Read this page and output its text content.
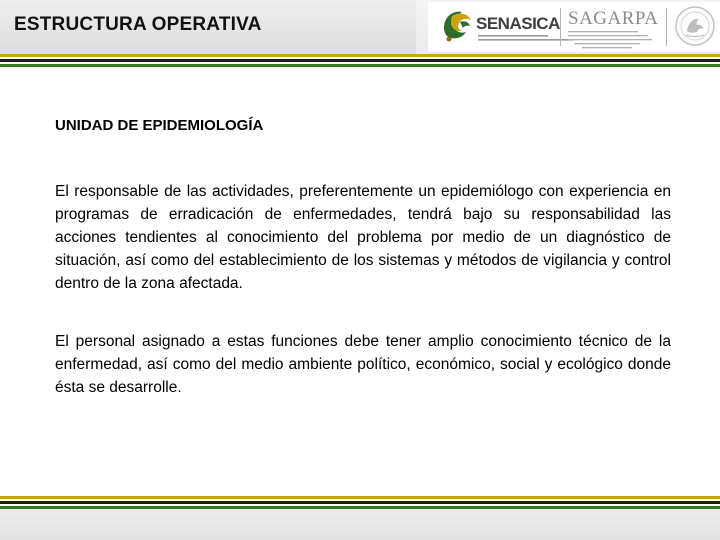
ESTRUCTURA OPERATIVA	SENASICA SAGARPA
UNIDAD DE EPIDEMIOLOGÍA

El responsable de las actividades, preferentemente un epidemiólogo con experiencia en programas de erradicación de enfermedades, tendrá bajo su responsabilidad las acciones tendientes al conocimiento del problema por medio de un diagnóstico de situación, así como del establecimiento de los sistemas y métodos de vigilancia y control dentro de la zona afectada.

El personal asignado a estas funciones debe tener amplio conocimiento técnico de la enfermedad, así como del medio ambiente político, económico, social y ecológico donde ésta se desarrolle.
